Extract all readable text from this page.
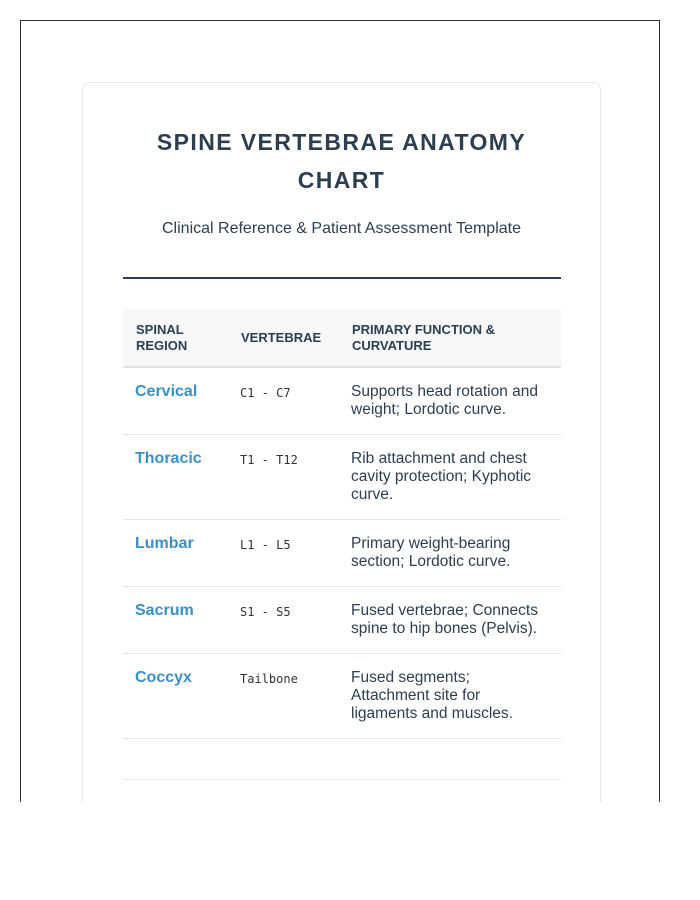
SPINE VERTEBRAE ANATOMY CHART
Clinical Reference & Patient Assessment Template
SPINAL REGION	VERTEBRAE	PRIMARY FUNCTION & CURVATURE
Cervical	C1 - C7	Supports head rotation and weight; Lordotic curve.
Thoracic	T1 - T12	Rib attachment and chest cavity protection; Kyphotic curve.
Lumbar	L1 - L5	Primary weight-bearing section; Lordotic curve.
Sacrum	S1 - S5	Fused vertebrae; Connects spine to hip bones (Pelvis).
Coccyx	Tailbone	Fused segments; Attachment site for ligaments and muscles.
